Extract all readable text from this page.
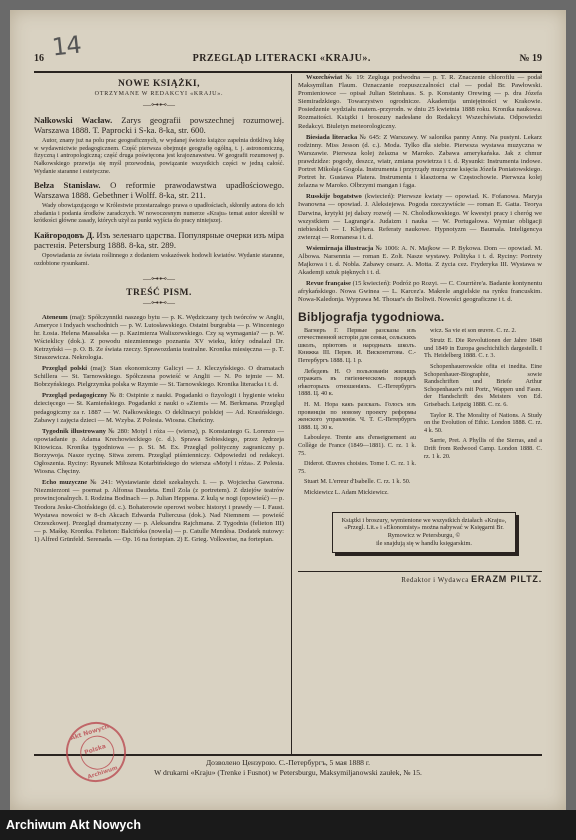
14
16	PRZEGLĄD LITERACKI «KRAJU».	№ 19
NOWE KSIĄŻKI,
OTRZYMANE W REDAKCYI «KRAJU».
—⊶⊷—
Nałkowski Wacław. Zarys geografii powszechnej rozumowej. Warszawa 1888. T. Paprocki i S-ka. 8-ka, str. 600.
Autor, znany już na polu prac geograficznych, w wydanej świeżo książce zapełnia dotkliwą lukę w wydawnictwie pedagogicznem. Część pierwsza obejmuje geografię ogólną, t. j. astronomiczną, fizyczną i antropologiczną; część druga poświęcona jest krajoznawstwu. W geografii rozumowej p. Nałkowskiego przewija się myśl przewodnia, powiązanie wszystkich części w jedną całość. Wydanie staranne i estetyczne.
Bełza Stanisław. O reformie prawodawstwa upadłościowego. Warszawa 1888. Gebethner i Wolff. 8-ka, str. 211.
Wady obowiązującego w Królestwie przestarzałego prawa o upadłościach, skłoniły autora do ich zbadania i podania środków zaradczych. W nowoczesnym numerze «Kraju» temat autor skreślił w krótkości główne zasady, których użył za punkt wyjścia do pracy niniejszej.
Кайгородовъ Д. Изъ зеленаго царства. Популярные очерки изъ міра растенія. Petersburg 1888. 8-ka, str. 289.
Opowiadania ze świata roślinnego z dodaniem wskazówek hodowli kwiatów. Wydanie staranne, ozdobione rysunkami.
—⊶⊷—
TREŚĆ PISM.
—⊶⊷—
Ateneum (maj): Spółczynniki naszego bytu — p. K. Wędziczany tych twórców w Anglii, Ameryce i Indyach wschodnich — p. W. Lutosławskiego. Ostatni burgrabia — p. Wincentego hr. Łosia. Helena Massalska — p. Kazimierza Waliszewskiego. Czy są wymagania? — p. W. Wścieklicy (dok.). Z powodu niezmiennego poznania XV wieku, który odnalazł Dr. Ketrzyński — p. O. B. Ze świata rzeczy. Sprawozdania teatralne. Kronika miesięczna — p. T. Straszewicza. Nekrologia.
Przegląd polski (maj): Stan ekonomiczny Galicyi — J. Kleczyńskiego. O dramatach Schillera — St. Tarnowskiego. Spółczesna powieść w Anglii — N. Po tejmie — M. Bobrzyńskiego. Pielgrzymka polska w Rzymie — St. Tarnowskiego. Kronika literacka i t. d.
Przegląd pedagogiczny № 8: Ostpinie z nauki. Pogadanki o fizyologii i hygienie wieku dziecięcego — St. Kamieńskiego. Pogadanki z nauki o «Ziemi» — M. Berkmana. Przegląd pedagogiczny za r. 1887 — W. Nałkowskiego. O deklinacyi polskiej — Ad. Krasińskiego. Zabawy i zajęcia dzieci — M. Wzyba. Z Polesia. Wiosna. Cheńciny.
Tygodnik illustrowany № 280: Motyl i róża — (wiersz), p. Konstantego G. Lorenzo — opowiadanie p. Adama Krechowieckiego (c. d.). Sprawa Sobieskiego, przez Jędrzeja Kitowicza. Kronika tygodniowa — p. St. M. Ex. Przegląd polityczny zagraniczny p. Borzywoja. Nasze rycinę. Sitwa zerem. Przegląd piśmienniczy. Odpowiedzi od redakcyi. Ogłoszenia. Ryciny: Rysunek Miłosza Kotarbińskiego do wiersza «Motyl i róża». Z Polesia. Wiosna. Chęciny.
Echo muzyczne № 241: Wystawianie dzieł szekalnych. I. — p. Wojciecha Gawrona. Niezmierzoni — poemat p. Alfonsa Daudeta. Emil Zola (z portretem). Z dziejów teatrów prowincjonalnych. I. Rodzina Bodinach — p. Julian Heppena. Z kulą w nogi (opowieść) — p. Teodora Jeske-Choińskiego (d. c.). Bohaterowie operowi wobec historyi i prawdy — I. Faust. Wystawa nowości w 8-ch Akcach Edwarda Fuliercusa (dok.). Nad Niemnem — powieść Orzeszkowej. Przegląd dramatyczny — p. Aleksandra Rajchmana. Z Tygodnia (felieton III) — p. Maśkę. Kronika. Felieton: Balcińska (nowela) — p. Catulle Mendèsa. Dodatek nutowy: 1) Alfred Grünfeld. Serenada. — Op. 16 na fortepian. 2) E. Grieg. Volkweise, na fortepian.
Wszechświat № 19: Zegluga podwodna — p. T. R. Znaczenie chlorofilu — podał Maksymilian Flaum. Oznaczanie rozpuszczalności ciał — podał Br. Pawłowski. Promieniowce — opisał Julian Steinhaus. S. p. Konstanty Orewing — p. dra Józefa Siemiradzkiego. Towarzystwo ogrodnicze. Akademija umiejętności w Krakowie. Posiedzenie wydziału matem.-przyrodn. w dniu 25 kwietnia 1888 roku. Kronika naukowa. Rozmaitości. Książki i broszury nadesłane do Redakcyi Wszechświata. Odpowiedzi Redakcyi. Biuletyn meteorologiczny.
Biesiada literacka № 645: Z Warszawy. W salonika panny Anny. Na pustyni. Lekarz rodzinny. Miss Jesson (d. c.). Moda. Tylko dla siebie. Pierwsza wystawa muzyczna w Warszawie. Pierwsza kolej żelazna w Maroko. Zabawa amerykańska. Jak z chmur prawdzidze: pogody, deszcz, wiatr, zmiana powietrza i t. d. Rysunki: Instrumenta indowe. Portret Mikołaja Gogola. Instrumenta i przyrządy muzyczne księcia Józefa Poniatowskiego. Portret hr. Gustawa Platera. Instrumenta i klasztorna w Częstochowie. Pierwsza kolej żelazna w Maroko. Olbrzymi mangan i fąga.
Russkije bogatstwo (kwiecień): Pierwsze kwiaty — opowiad. K. Fofanowa. Maryja Iwanowna — opowiad. J. Aleksiejewa. Pogoda rzeczywiście — roman E. Gatta. Teorya Darwina, krytyki jej dalszy rozwój — N. Cholodkowskiego. W kwestyi pracy i cheróg we wszystkiem — Lagrange'a. Judaizm i nauka — W. Portugałowa. Wymiar obligacji niebieskich — I. Klejhera. Referaty naukowe. Hypnotyzm — Baumala. Inteligencya zwierząt — Romanesa i t. d.
Wsiemirnaja illustracja № 1006: A. N. Majkow — P. Bykowa. Dom — opowiad. M. Albowa. Narsennia — roman E. Zolt. Nasze wystawy. Polityka i t. d. Ryciny: Portrety Majkowa i t. d. Nobla. Zabawy cesarz. A. Motta. Z życia cez. Fryderyka III. Wystawa w Akademji sztuk pięknych i t. d.
Revue française (15 kwiecień): Podróż po Rozyi. — C. Courrière'a. Badanie kontynentu afrykańskiego. Nowa Gwinea — L. Karcez'a. Makrele angielskie na rynku francuskim. Nowa-Kaledonja. Wyprawa M. Thouar's do Boliwii. Nowości geograficzne i t. d.
Bibljografja tygodniowa.

Вагнеръ Г. Первые разсказы изъ отечественной исторіи для семьи, сельскихъ школъ, пріютовъ и народныхъ школъ. Книжка III. Перев. И. Висконтатова. С.-Петербургъ 1888. Ц. 1 р.

Лебедевъ Н. О пользованіи жилищъ отражать въ гигіеническомъ порядкѣ нѣкоторыхъ отношеніяхъ. С.-Петербургъ 1888. Ц. 40 к.

Н. М. Нора какъ разсказъ. Голосъ изъ провинціи по новому проекту реформы женского управленія. Ч. Т. С.-Петербургъ 1888. Ц. 30 к.

Labouleye. Trente ans d'enseignement au Collège de France (1849—1881). C. rz. 1 k. 75.

Diderot. Œuvres choisies. Tome I. C. rz. 1 k. 75.

Stuart M. L'erreur d'Isabelle. C. rz. 1 k. 50.

Mickiewicz L. Adam Mickiewicz.

wicz. Sa vie et son œuvre. C. rz. 2.

Strutz E. Die Revolutionen der Jahre 1848 und 1849 in Europa geschichtlich dargestellt. I Th. Heidelberg 1888. C. r. 3.

Schopenhauerowskie ofita ei inedita. Eine Schopenhauer-Biographie, sowie Randschriften und Briefe Arthur Schopenhauer's mit Portr., Wappen und Fasm. der Handschrift des Meisters von Ed. Grisebach. Leipzig 1888. C. rz. 6.

Taylor R. The Morality of Nations. A Study on the Evolution of Ethic. London 1888. C. rz. 4 k. 50.

Sarrie, Pret. A Phyllis of the Sierras, and a Drift from Redwood Camp. London 1888. C. rz. 1 k. 20.

Książki i broszury, wymienione we wszystkich działach «Kraju», «Przegl. Lit.» i «Ekonomisty» można nabywać w Księgarni Br. Rymowicz w Petersburgu, ©
ile snajdują się w handlu księgarskim.
Redaktor i Wydawca ERAZM PILTZ.
Дозволено Цензурою. С.-Петербургъ, 5 мая 1888 г.
W drukarni «Kraju» (Trenke i Fusnot) w Petersburgu, Maksymiljanowski zaułek, № 15.
Akt Nowych
Polska
Archiwum
Archiwum Akt Nowych
